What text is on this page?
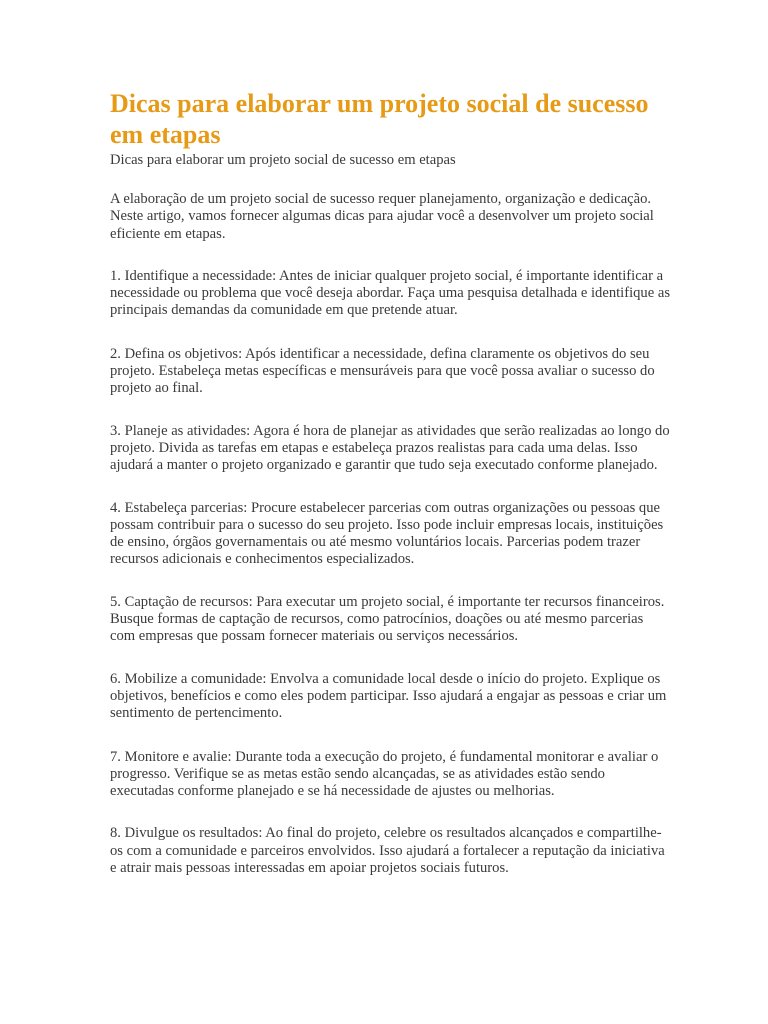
Dicas para elaborar um projeto social de sucesso em etapas

Dicas para elaborar um projeto social de sucesso em etapas

A elaboração de um projeto social de sucesso requer planejamento, organização e dedicação. Neste artigo, vamos fornecer algumas dicas para ajudar você a desenvolver um projeto social eficiente em etapas.

1. Identifique a necessidade: Antes de iniciar qualquer projeto social, é importante identificar a necessidade ou problema que você deseja abordar. Faça uma pesquisa detalhada e identifique as principais demandas da comunidade em que pretende atuar.

2. Defina os objetivos: Após identificar a necessidade, defina claramente os objetivos do seu projeto. Estabeleça metas específicas e mensuráveis para que você possa avaliar o sucesso do projeto ao final.

3. Planeje as atividades: Agora é hora de planejar as atividades que serão realizadas ao longo do projeto. Divida as tarefas em etapas e estabeleça prazos realistas para cada uma delas. Isso ajudará a manter o projeto organizado e garantir que tudo seja executado conforme planejado.

4. Estabeleça parcerias: Procure estabelecer parcerias com outras organizações ou pessoas que possam contribuir para o sucesso do seu projeto. Isso pode incluir empresas locais, instituições de ensino, órgãos governamentais ou até mesmo voluntários locais. Parcerias podem trazer recursos adicionais e conhecimentos especializados.

5. Captação de recursos: Para executar um projeto social, é importante ter recursos financeiros. Busque formas de captação de recursos, como patrocínios, doações ou até mesmo parcerias com empresas que possam fornecer materiais ou serviços necessários.

6. Mobilize a comunidade: Envolva a comunidade local desde o início do projeto. Explique os objetivos, benefícios e como eles podem participar. Isso ajudará a engajar as pessoas e criar um sentimento de pertencimento.

7. Monitore e avalie: Durante toda a execução do projeto, é fundamental monitorar e avaliar o progresso. Verifique se as metas estão sendo alcançadas, se as atividades estão sendo executadas conforme planejado e se há necessidade de ajustes ou melhorias.

8. Divulgue os resultados: Ao final do projeto, celebre os resultados alcançados e compartilhe-os com a comunidade e parceiros envolvidos. Isso ajudará a fortalecer a reputação da iniciativa e atrair mais pessoas interessadas em apoiar projetos sociais futuros.
